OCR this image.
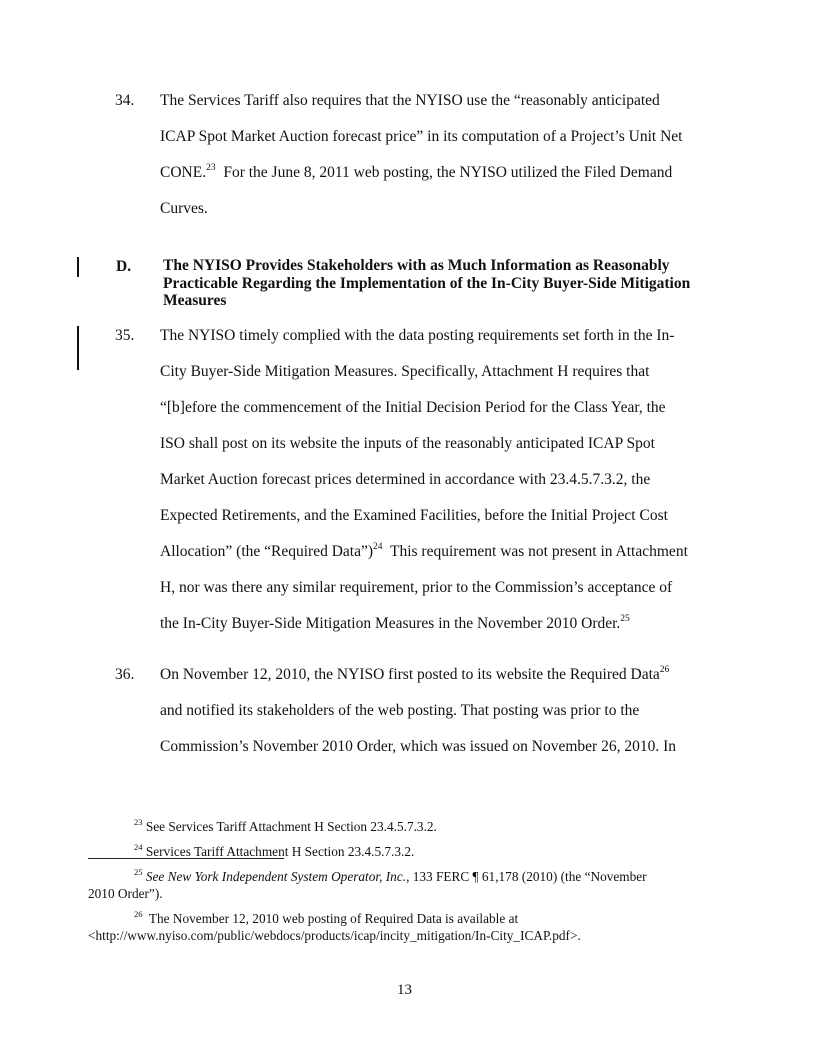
34. The Services Tariff also requires that the NYISO use the “reasonably anticipated
ICAP Spot Market Auction forecast price” in its computation of a Project’s Unit Net
CONE.$^{23}$  For the June 8, 2011 web posting, the NYISO utilized the Filed Demand
Curves.
D. The NYISO Provides Stakeholders with as Much Information as Reasonably Practicable Regarding the Implementation of the In-City Buyer-Side Mitigation Measures
35. The NYISO timely complied with the data posting requirements set forth in the In-
City Buyer-Side Mitigation Measures. Specifically, Attachment H requires that
“[b]efore the commencement of the Initial Decision Period for the Class Year, the
ISO shall post on its website the inputs of the reasonably anticipated ICAP Spot
Market Auction forecast prices determined in accordance with 23.4.5.7.3.2, the
Expected Retirements, and the Examined Facilities, before the Initial Project Cost
Allocation” (the “Required Data”)$^{24}$  This requirement was not present in Attachment
H, nor was there any similar requirement, prior to the Commission’s acceptance of
the In-City Buyer-Side Mitigation Measures in the November 2010 Order.$^{25}$
36. On November 12, 2010, the NYISO first posted to its website the Required Data$^{26}$
and notified its stakeholders of the web posting. That posting was prior to the
Commission’s November 2010 Order, which was issued on November 26, 2010. In
$^{23}$ See Services Tariff Attachment H Section 23.4.5.7.3.2.
$^{24}$ Services Tariff Attachment H Section 23.4.5.7.3.2.
$^{25}$ See New York Independent System Operator, Inc., 133 FERC ¶ 61,178 (2010) (the “November
2010 Order”).
$^{26}$  The November 12, 2010 web posting of Required Data is available at
<http://www.nyiso.com/public/webdocs/products/icap/incity_mitigation/In-City_ICAP.pdf>.
13
